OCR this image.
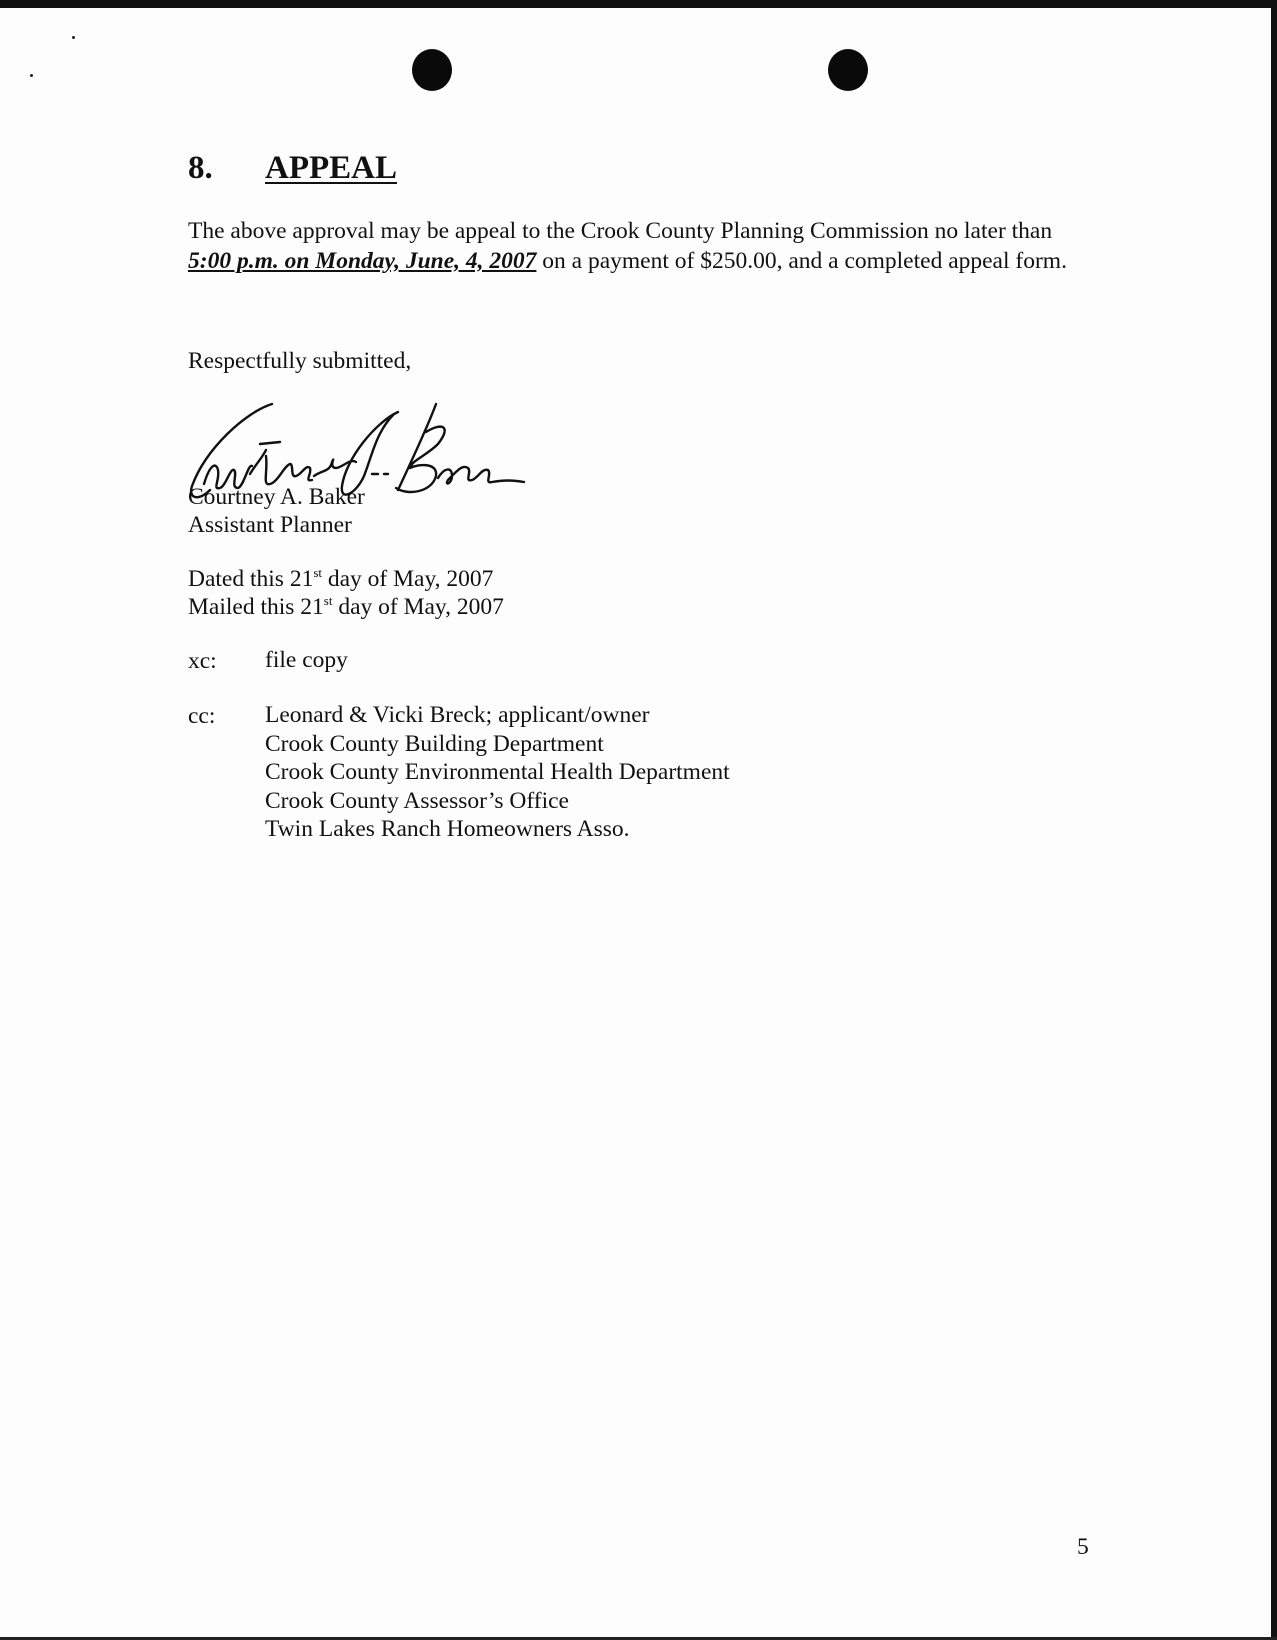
8. APPEAL
The above approval may be appeal to the Crook County Planning Commission no later than 5:00 p.m. on Monday, June, 4, 2007 on a payment of $250.00, and a completed appeal form.
Respectfully submitted,
Courtney A. Baker
Assistant Planner
Dated this 21st day of May, 2007
Mailed this 21st day of May, 2007
xc: file copy
cc: Leonard & Vicki Breck; applicant/owner
Crook County Building Department
Crook County Environmental Health Department
Crook County Assessor’s Office
Twin Lakes Ranch Homeowners Asso.
5
